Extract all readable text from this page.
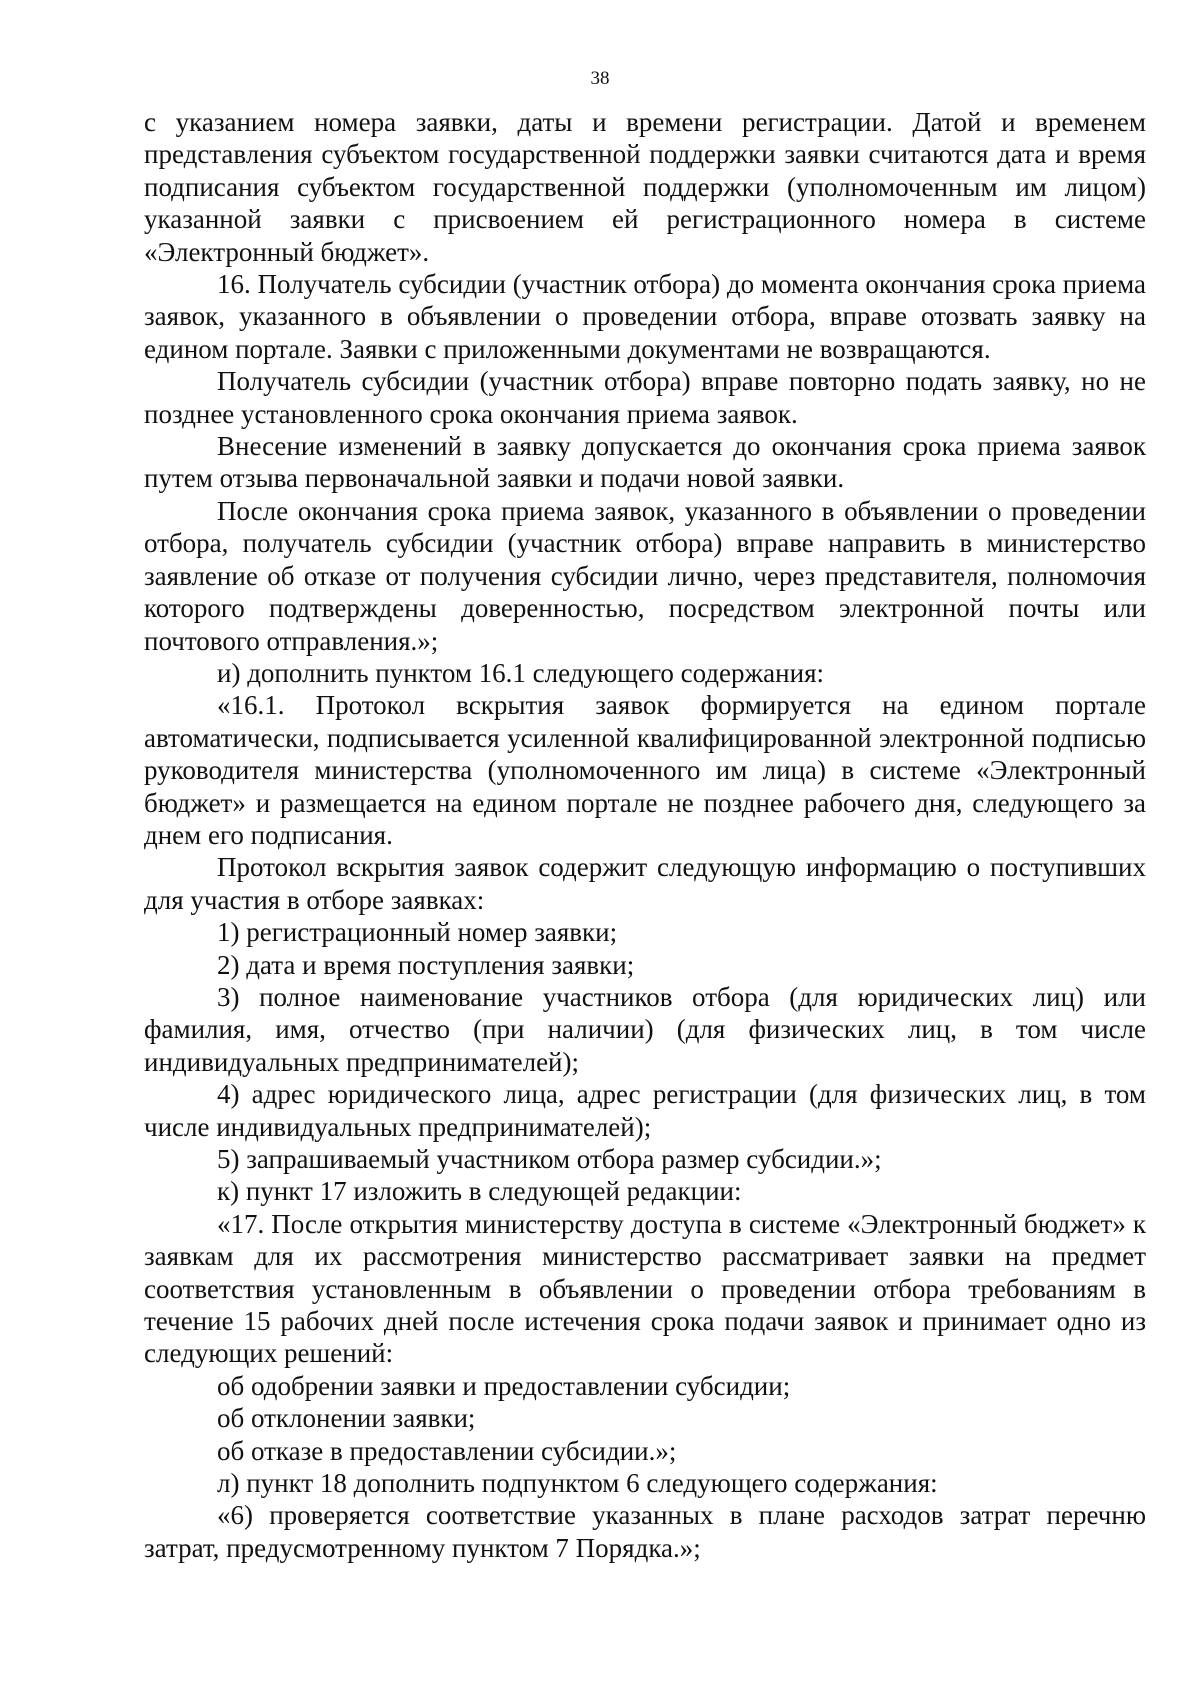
38

с указанием номера заявки, даты и времени регистрации. Датой и временем представления субъектом государственной поддержки заявки считаются дата и время подписания субъектом государственной поддержки (уполномоченным им лицом) указанной заявки с присвоением ей регистрационного номера в системе «Электронный бюджет».

16. Получатель субсидии (участник отбора) до момента окончания срока приема заявок, указанного в объявлении о проведении отбора, вправе отозвать заявку на едином портале. Заявки с приложенными документами не возвращаются.

Получатель субсидии (участник отбора) вправе повторно подать заявку, но не позднее установленного срока окончания приема заявок.

Внесение изменений в заявку допускается до окончания срока приема заявок путем отзыва первоначальной заявки и подачи новой заявки.

После окончания срока приема заявок, указанного в объявлении о проведении отбора, получатель субсидии (участник отбора) вправе направить в министерство заявление об отказе от получения субсидии лично, через представителя, полномочия которого подтверждены доверенностью, посредством электронной почты или почтового отправления.»;

и) дополнить пунктом 16.1 следующего содержания:

«16.1. Протокол вскрытия заявок формируется на едином портале автоматически, подписывается усиленной квалифицированной электронной подписью руководителя министерства (уполномоченного им лица) в системе «Электронный бюджет» и размещается на едином портале не позднее рабочего дня, следующего за днем его подписания.

Протокол вскрытия заявок содержит следующую информацию о поступивших для участия в отборе заявках:

1) регистрационный номер заявки;

2) дата и время поступления заявки;

3) полное наименование участников отбора (для юридических лиц) или фамилия, имя, отчество (при наличии) (для физических лиц, в том числе индивидуальных предпринимателей);

4) адрес юридического лица, адрес регистрации (для физических лиц, в том числе индивидуальных предпринимателей);

5) запрашиваемый участником отбора размер субсидии.»;

к) пункт 17 изложить в следующей редакции:

«17. После открытия министерству доступа в системе «Электронный бюджет» к заявкам для их рассмотрения министерство рассматривает заявки на предмет соответствия установленным в объявлении о проведении отбора требованиям в течение 15 рабочих дней после истечения срока подачи заявок и принимает одно из следующих решений:

об одобрении заявки и предоставлении субсидии;

об отклонении заявки;

об отказе в предоставлении субсидии.»;

л) пункт 18 дополнить подпунктом 6 следующего содержания:

«6) проверяется соответствие указанных в плане расходов затрат перечню затрат, предусмотренному пунктом 7 Порядка.»;
